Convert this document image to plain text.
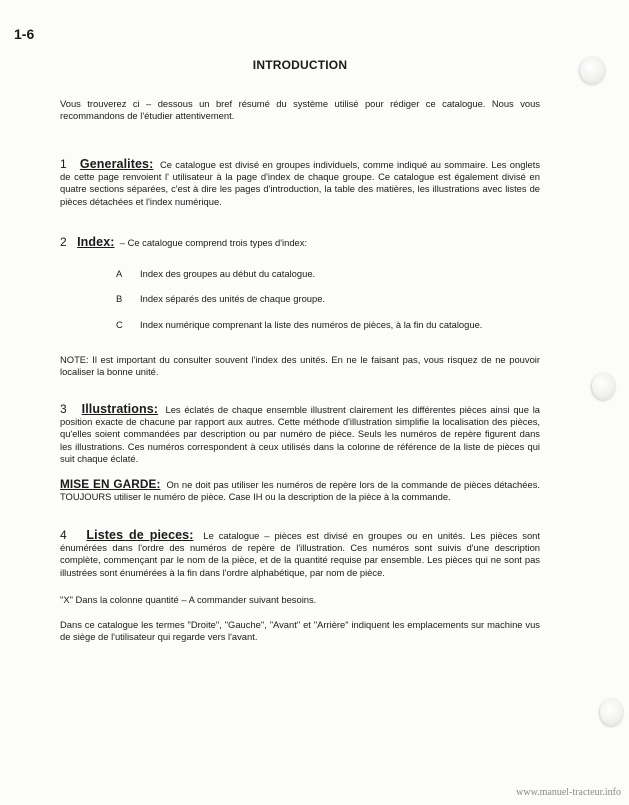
1-6
INTRODUCTION
Vous trouverez ci – dessous un bref résumé du système utilisé pour rédiger ce catalogue. Nous vous recommandons de l'étudier attentivement.
1 Generalites: Ce catalogue est divisé en groupes individuels, comme indiqué au sommaire. Les onglets de cette page renvoient l' utilisateur à la page d'index de chaque groupe. Ce catalogue est également divisé en quatre sections séparées, c'est à dire les pages d'introduction, la table des matières, les illustrations avec listes de pièces détachées et l'index numérique.
2 Index: – Ce catalogue comprend trois types d'index:
A Index des groupes au début du catalogue.
B Index séparés des unités de chaque groupe.
C Index numérique comprenant la liste des numéros de pièces, à la fin du catalogue.
NOTE: Il est important du consulter souvent l'index des unités. En ne le faisant pas, vous risquez de ne pouvoir localiser la bonne unité.
3 Illustrations: Les éclatés de chaque ensemble illustrent clairement les différentes pièces ainsi que la position exacte de chacune par rapport aux autres. Cette méthode d'illustration simplifie la localisation des pièces, qu'elles soient commandées par description ou par numéro de pièce. Seuls les numéros de repère figurent dans les illustrations. Ces numéros correspondent à ceux utilisés dans la colonne de référence de la liste de pièces qui suit chaque éclaté.
MISE EN GARDE: On ne doit pas utiliser les numéros de repère lors de la commande de pièces détachées. TOUJOURS utiliser le numéro de pièce. Case IH ou la description de la pièce à la commande.
4 Listes de pieces: Le catalogue – pièces est divisé en groupes ou en unités. Les pièces sont énumérées dans l'ordre des numéros de repère de l'illustration. Ces numéros sont suivis d'une description complète, commençant par le nom de la pièce, et de la quantité requise par ensemble. Les pièces qui ne sont pas illustrées sont énumérées à la fin dans l'ordre alphabétique, par nom de pièce.
"X" Dans la colonne quantité – A commander suivant besoins.
Dans ce catalogue les termes "Droite", "Gauche", "Avant" et "Arrière" indiquent les emplacements sur machine vus de siège de l'utilisateur qui regarde vers l'avant.
www.manuel-tracteur.info
